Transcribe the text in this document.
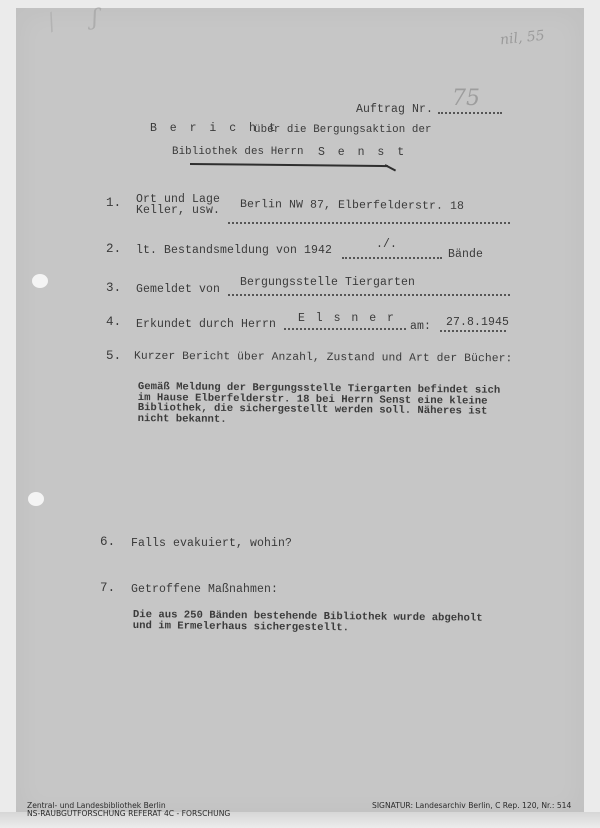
/ ʃ
nil, 55
Auftrag Nr. 75
B e r i c h t
über die Bergungsaktion der
Bibliothek des Herrn S e n s t
1. Ort und Lage
Keller, usw. Berlin NW 87, Elberfelderstr. 18
2. lt. Bestandsmeldung von 1942	./.
Bände
3. Gemeldet von
Bergungsstelle Tiergarten
4. Erkundet durch Herrn E l s n e r
am: 27.8.1945
5. Kurzer Bericht über Anzahl, Zustand und Art der Bücher:
Gemäß Meldung der Bergungsstelle Tiergarten befindet sich
im Hause Elberfelderstr. 18 bei Herrn Senst eine kleine
Bibliothek, die sichergestellt werden soll. Näheres ist
nicht bekannt.
6. Falls evakuiert, wohin?
7. Getroffene Maßnahmen:
Die aus 250 Bänden bestehende Bibliothek wurde abgeholt
und im Ermelerhaus sichergestellt.
Zentral- und Landesbibliothek Berlin
NS-RAUBGUTFORSCHUNG REFERAT 4C - FORSCHUNG
SIGNATUR: Landesarchiv Berlin, C Rep. 120, Nr.: 514
